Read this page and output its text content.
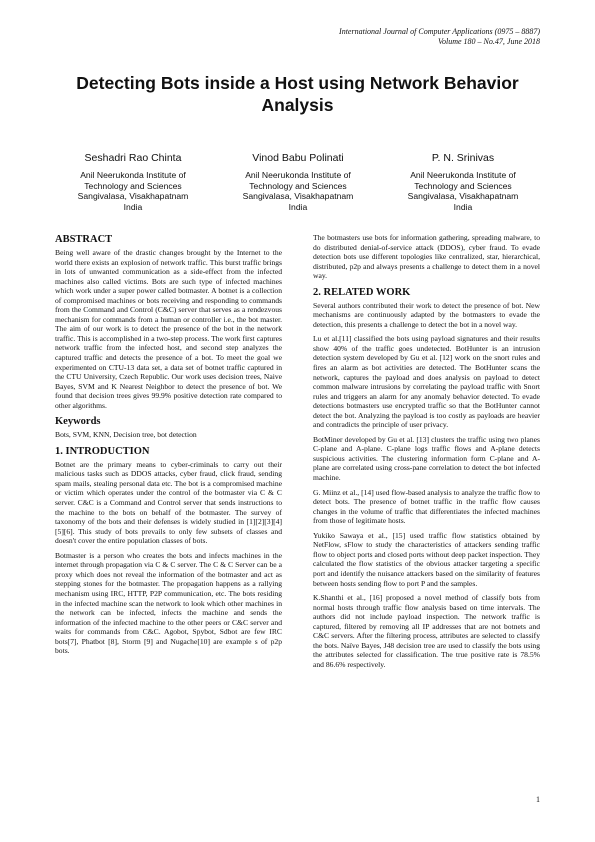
International Journal of Computer Applications (0975 – 8887)
Volume 180 – No.47, June 2018
Detecting Bots inside a Host using Network Behavior Analysis
Seshadri Rao Chinta
Anil Neerukonda Institute of
Technology and Sciences
Sangivalasa, Visakhapatnam
India
Vinod Babu Polinati
Anil Neerukonda Institute of
Technology and Sciences
Sangivalasa, Visakhapatnam
India
P. N. Srinivas
Anil Neerukonda Institute of
Technology and Sciences
Sangivalasa, Visakhapatnam
India
ABSTRACT

Being well aware of the drastic changes brought by the Internet to the world there exists an explosion of network traffic. This burst traffic brings in lots of unwanted communication as a side-effect from the infected machines also called victims. Bots are such type of infected machines which work under a super power called botmaster. A botnet is a collection of compromised machines or bots receiving and responding to commands from the Command and Control (C&C) server that serves as a rendezvous mechanism for commands from a human or controller i.e., the bot master. The aim of our work is to detect the presence of the bot in the network traffic. This is accomplished in a two-step process. The work first captures network traffic from the infected host, and second step analyzes the captured traffic and detects the presence of a bot. To meet the goal we experimented on CTU-13 data set, a data set of botnet traffic captured in the CTU University, Czech Republic. Our work uses decision trees, Naive Bayes, SVM and K Nearest Neighbor to detect the presence of bot. We found that decision trees gives 99.9% positive detection rate compared to other algorithms.

Keywords

Bots, SVM, KNN, Decision tree, bot detection

1. INTRODUCTION

Botnet are the primary means to cyber-criminals to carry out their malicious tasks such as DDOS attacks, cyber fraud, click fraud, sending spam mails, stealing personal data etc. The bot is a compromised machine or victim which operates under the control of the botmaster via C & C server. C&C is a Command and Control server that sends instructions to the machine to the bots on behalf of the botmaster. The survey of taxonomy of the bots and their defenses is widely studied in [1][2][3][4][5][6]. This study of bots prevails to only few subsets of classes and doesn't cover the entire population classes of bots.

Botmaster is a person who creates the bots and infects machines in the internet through propagation via C & C server. The C & C Server can be a proxy which does not reveal the information of the botmaster and act as stepping stones for the botmaster. The propagation happens as a rallying mechanism using IRC, HTTP, P2P communication, etc. The bots residing in the infected machine scan the network to look which other machines in the network can be infected, infects the machine and sends the information of the infected machine to the other peers or C&C server and waits for commands from C&C. Agobot, Spybot, Sdbot are few IRC bots[7], Phatbot [8], Storm [9] and Nugache[10] are example s of p2p bots.

The botmasters use bots for information gathering, spreading malware, to do distributed denial-of-service attack (DDOS), cyber fraud. To evade detection bots use different topologies like centralized, star, hierarchical, distributed, p2p and always presents a challenge to detect them in a novel way.

2. RELATED WORK

Several authors contributed their work to detect the presence of bot. New mechanisms are continuously adapted by the botmasters to evade the detection, this presents a challenge to detect the bot in a novel way.

Lu et al.[11] classified the bots using payload signatures and their results show 40% of the traffic goes undetected. BotHunter is an intrusion detection system developed by Gu et al. [12] work on the snort rules and fires an alarm as bot activities are detected. The BotHunter scans the network, captures the payload and does analysis on payload to detect common malware intrusions by correlating the payload traffic with Snort rules and triggers an alarm for any anomaly behavior detected. To evade detections botmasters use encrypted traffic so that the BotHunter cannot detect the bot. Analyzing the payload is too costly as payloads are heavier and contradicts the principle of user privacy.

BotMiner developed by Gu et al. [13] clusters the traffic using two planes C-plane and A-plane. C-plane logs traffic flows and A-plane detects suspicious activities. The clustering information form C-plane and A-plane are correlated using cross-pane correlation to detect the bot infected machine.

G. Miinz et al., [14] used flow-based analysis to analyze the traffic flow to detect bots. The presence of botnet traffic in the traffic flow causes changes in the volume of traffic that differentiates the infected machines from those of legitimate hosts.

Yukiko Sawaya et al., [15] used traffic flow statistics obtained by NetFlow, sFlow to study the characteristics of attackers sending traffic flow to object ports and closed ports without deep packet inspection. They calculated the flow statistics of the obvious attacker targeting a specific port and identify the nuisance attackers based on the similarity of features between hosts sending flow to port P and the samples.

K.Shanthi et al., [16] proposed a novel method of classify bots from normal hosts through traffic flow analysis based on time intervals. The authors did not include payload inspection. The network traffic is captured, filtered by removing all IP addresses that are not botnets and C&C servers. After the filtering process, attributes are selected to classify the bots. Naïve Bayes, J48 decision tree are used to classify the bots using the attributes selected for classification. The true positive rate is 78.5% and 86.6% respectively.

1
